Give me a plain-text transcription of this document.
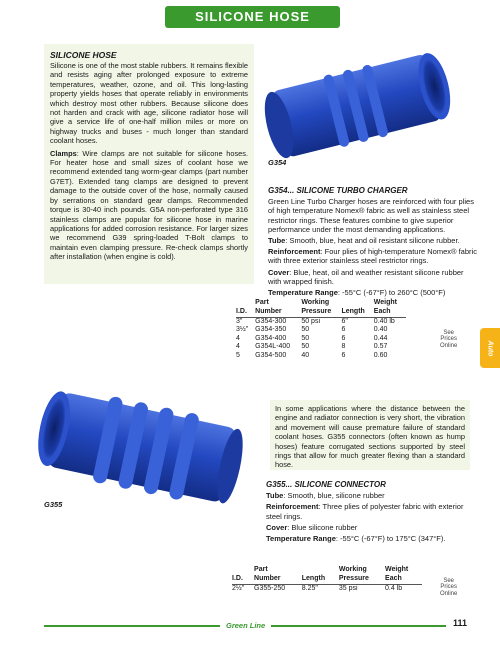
SILICONE HOSE
SILICONE HOSE

Silicone is one of the most stable rubbers. It remains flexible and resists aging after prolonged exposure to extreme temperatures, weather, ozone, and oil. This long-lasting property yields hoses that operate reliably in environments which destroy most other rubbers. Because silicone does not harden and crack with age, silicone radiator hose will give a service life of one-half million miles or more on highway trucks and buses - much longer than standard coolant hoses.

Clamps: Wire clamps are not suitable for silicone hoses. For heater hose and small sizes of coolant hose we recommend extended tang worm-gear clamps (part number G7ET). Extended tang clamps are designed to prevent damage to the outside cover of the hose, normally caused by serrations on standard gear clamps. Recommended torque is 30-40 inch pounds. G5A non-perforated type 316 stainless clamps are popular for silicone hose in marine applications for added corrosion resistance. For larger sizes we recommend G39 spring-loaded T-Bolt clamps to maintain even clamping pressure. Re-check clamps shortly after installation (when engine is cold).

G354
G354... SILICONE TURBO CHARGER

Green Line Turbo Charger hoses are reinforced with four plies of high temperature Nomex® fabric as well as stainless steel restrictor rings. These features combine to give superior performance under the most demanding applications.

Tube: Smooth, blue, heat and oil resistant silicone rubber.

Reinforcement: Four plies of high-temperature Nomex® fabric with three exterior stainless steel restrictor rings.

Cover: Blue, heat, oil and weather resistant silicone rubber with wrapped finish.

Temperature Range: -55°C (-67°F) to 260°C (500°F)

	Part	Working		Weight
I.D.	Number	Pressure	Length	Each
3"	G354-300	50 psi	6"	0.40 lb
3½"	G354-350	50	6	0.40
4	G354-400	50	6	0.44
4	G354L-400	50	8	0.57
5	G354-500	40	6	0.60
See
Prices
Online	Auto
G355

In some applications where the distance between the engine and radiator connection is very short, the vibration and movement will cause premature failure of standard coolant hoses. G355 connectors (often known as hump hoses) feature corrugated sections supported by steel rings that allow for much greater flexing than a standard hose.

G355... SILICONE CONNECTOR

Tube: Smooth, blue, silicone rubber

Reinforcement: Three plies of polyester fabric with exterior steel rings.

Cover: Blue silicone rubber

Temperature Range: -55°C (-67°F) to 175°C (347°F).

	Part		Working	Weight
I.D.	Number	Length	Pressure	Each
2½"	G355-250	8.25"	35 psi	0.4 lb
See
Prices
Online
Green Line	111
